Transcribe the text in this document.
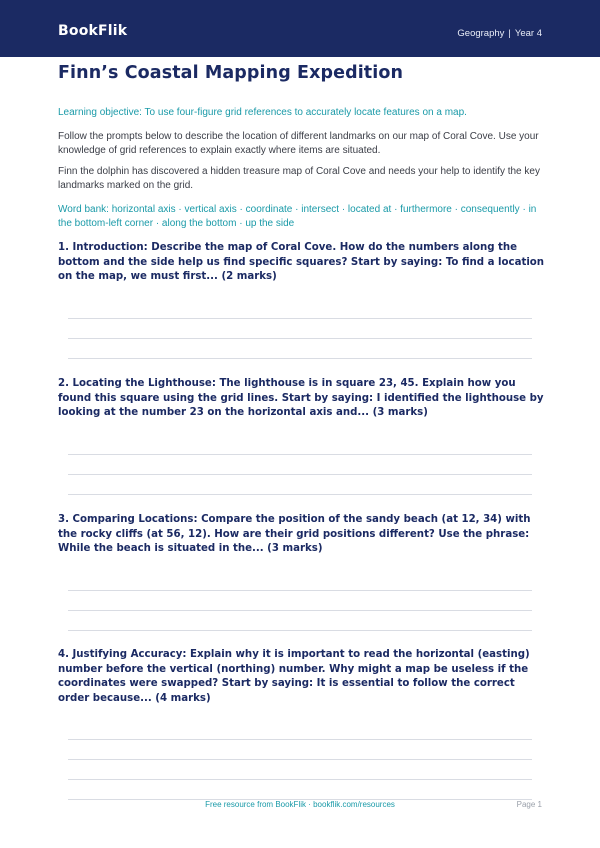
BookFlik	Geography | Year 4
Finn’s Coastal Mapping Expedition

Learning objective: To use four-figure grid references to accurately locate features on a map.

Follow the prompts below to describe the location of different landmarks on our map of Coral Cove. Use your knowledge of grid references to explain exactly where items are situated.

Finn the dolphin has discovered a hidden treasure map of Coral Cove and needs your help to identify the key landmarks marked on the grid.

Word bank: horizontal axis · vertical axis · coordinate · intersect · located at · furthermore · consequently · in the bottom-left corner · along the bottom · up the side

1. Introduction: Describe the map of Coral Cove. How do the numbers along the bottom and the side help us find specific squares? Start by saying: To find a location on the map, we must first... (2 marks)
2. Locating the Lighthouse: The lighthouse is in square 23, 45. Explain how you found this square using the grid lines. Start by saying: I identified the lighthouse by looking at the number 23 on the horizontal axis and... (3 marks)
3. Comparing Locations: Compare the position of the sandy beach (at 12, 34) with the rocky cliffs (at 56, 12). How are their grid positions different? Use the phrase: While the beach is situated in the... (3 marks)
4. Justifying Accuracy: Explain why it is important to read the horizontal (easting) number before the vertical (northing) number. Why might a map be useless if the coordinates were swapped? Start by saying: It is essential to follow the correct order because... (4 marks)
Free resource from BookFlik · bookflik.com/resources	Page 1
